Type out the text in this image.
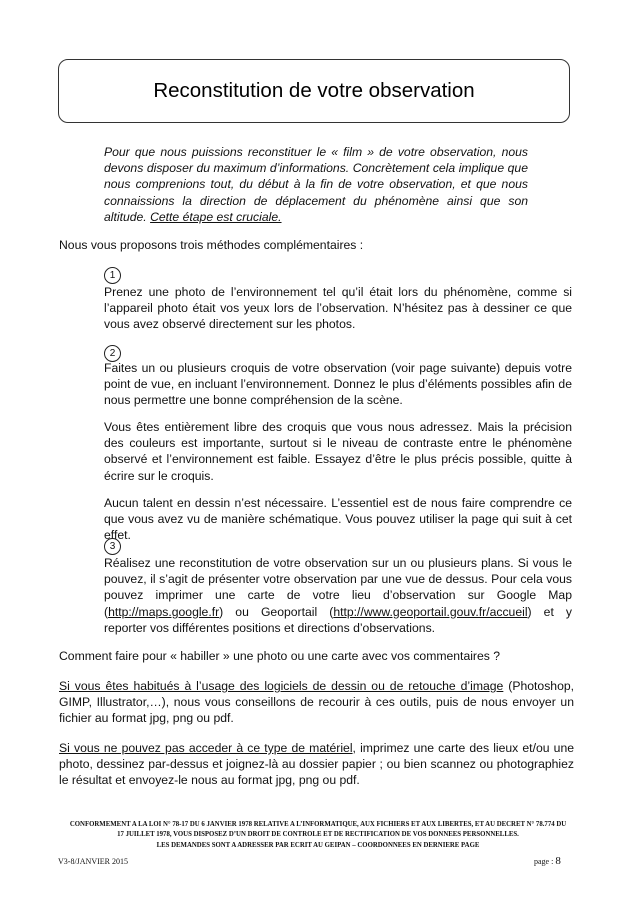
Reconstitution de votre observation

Pour que nous puissions reconstituer le « film » de votre observation, nous devons disposer du maximum d’informations. Concrètement cela implique que nous comprenions tout, du début à la fin de votre observation, et que nous connaissions la direction de déplacement du phénomène ainsi que son altitude. Cette étape est cruciale.

Nous vous proposons trois méthodes complémentaires :

1

Prenez une photo de l’environnement tel qu’il était lors du phénomène, comme si l’appareil photo était vos yeux lors de l’observation. N’hésitez pas à dessiner ce que vous avez observé directement sur les photos.

2

Faites un ou plusieurs croquis de votre observation (voir page suivante) depuis votre point de vue, en incluant l’environnement. Donnez le plus d’éléments possibles afin de nous permettre une bonne compréhension de la scène.

Vous êtes entièrement libre des croquis que vous nous adressez. Mais la précision des couleurs est importante, surtout si le niveau de contraste entre le phénomène observé et l’environnement est faible. Essayez d’être le plus précis possible, quitte à écrire sur le croquis.

Aucun talent en dessin n’est nécessaire. L’essentiel est de nous faire comprendre ce que vous avez vu de manière schématique. Vous pouvez utiliser la page qui suit à cet effet.

3

Réalisez une reconstitution de votre observation sur un ou plusieurs plans. Si vous le pouvez, il s’agit de présenter votre observation par une vue de dessus. Pour cela vous pouvez imprimer une carte de votre lieu d’observation sur Google Map (http://maps.google.fr) ou Geoportail (http://www.geoportail.gouv.fr/accueil) et y reporter vos différentes positions et directions d’observations.

Comment faire pour « habiller » une photo ou une carte avec vos commentaires ?

Si vous êtes habitués à l’usage des logiciels de dessin ou de retouche d’image (Photoshop, GIMP, Illustrator,…), nous vous conseillons de recourir à ces outils, puis de nous envoyer un fichier au format jpg, png ou pdf.

Si vous ne pouvez pas acceder à ce type de matériel, imprimez une carte des lieux et/ou une photo, dessinez par-dessus et joignez-là au dossier papier ; ou bien scannez ou photographiez le résultat et envoyez-le nous au format jpg, png ou pdf.

CONFORMEMENT A LA LOI N° 78-17 DU 6 JANVIER 1978 RELATIVE A L’INFORMATIQUE, AUX FICHIERS ET AUX LIBERTES, ET AU DECRET N° 78.774 DU
17 JUILLET 1978, VOUS DISPOSEZ D’UN DROIT DE CONTROLE ET DE RECTIFICATION DE VOS DONNEES PERSONNELLES.
LES DEMANDES SONT A ADRESSER PAR ECRIT AU GEIPAN – COORDONNEES EN DERNIERE PAGE
V3-8/JANVIER 2015	page : 8
